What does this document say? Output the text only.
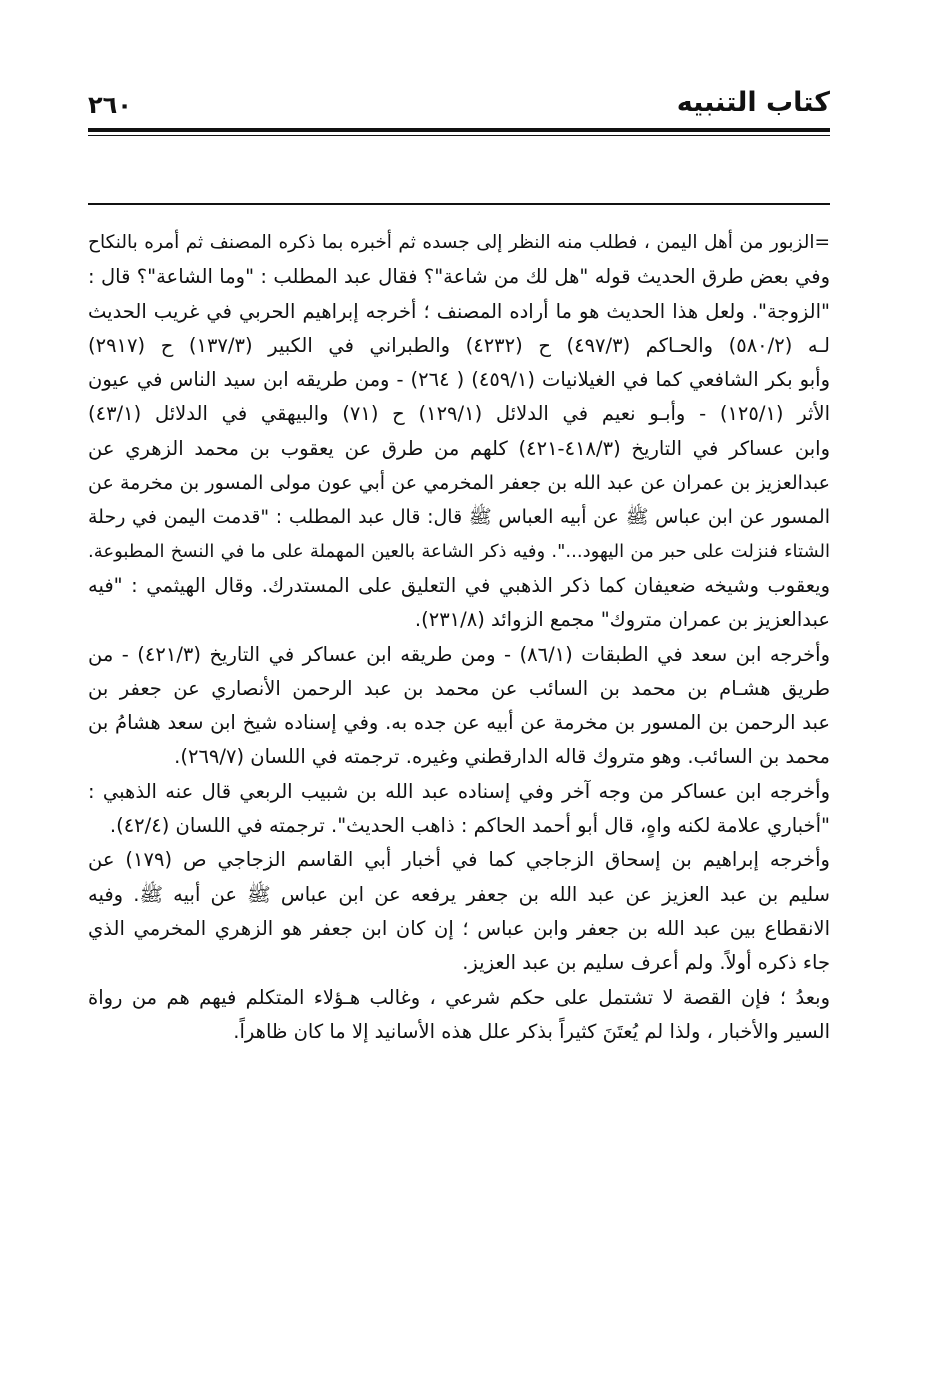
كتاب التنبيه
٢٦٠
=الزبور من أهل اليمن ، فطلب منه النظر إلى جسده ثم أخبره بما ذكره المصنف ثم أمره بالنكاح
وفي بعض طرق الحديث قوله "هل لك من شاعة"؟ فقال عبد المطلب : "وما الشاعة"؟ قال :
"الزوجة". ولعل هذا الحديث هو ما أراده المصنف ؛ أخرجه إبراهيم الحربي في غريب الحديث
لـه (٥٨٠/٢) والحـاكم (٤٩٧/٣) ح (٤٢٣٢) والطبراني في الكبير (١٣٧/٣) ح (٢٩١٧)
وأبو بكر الشافعي كما في الغيلانيات (٤٥٩/١) ( ٢٦٤) - ومن طريقه ابن سيد الناس في عيون
الأثر (١٢٥/١) - وأبـو نعيم في الدلائل (١٢٩/١) ح (٧١) والبيهقي في الدلائل (٤٣/١)
وابن عساكر في التاريخ (٤١٨/٣-٤٢١) كلهم من طرق عن يعقوب بن محمد الزهري عن
عبدالعزيز بن عمران عن عبد الله بن جعفر المخرمي عن أبي عون مولى المسور بن مخرمة عن
المسور عن ابن عباس ﷺ عن أبيه العباس ﷺ قال: قال عبد المطلب : "قدمت اليمن في رحلة
الشتاء فنزلت على حبر من اليهود...". وفيه ذكر الشاعة بالعين المهملة على ما في النسخ المطبوعة.
ويعقوب وشيخه ضعيفان كما ذكر الذهبي في التعليق على المستدرك. وقال الهيثمي : "فيه
عبدالعزيز بن عمران متروك" مجمع الزوائد (٢٣١/٨).
وأخرجه ابن سعد في الطبقات (٨٦/١) - ومن طريقه ابن عساكر في التاريخ (٤٢١/٣) - من
طريق هشـام بن محمد بن السائب عن محمد بن عبد الرحمن الأنصاري عن جعفر بن
عبد الرحمن بن المسور بن مخرمة عن أبيه عن جده به. وفي إسناده شيخ ابن سعد هشامُ بن
محمد بن السائب. وهو متروك قاله الدارقطني وغيره. ترجمته في اللسان (٢٦٩/٧).
وأخرجه ابن عساكر من وجه آخر وفي إسناده عبد الله بن شبيب الربعي قال عنه الذهبي :
"أخباري علامة لكنه واهٍ، قال أبو أحمد الحاكم : ذاهب الحديث". ترجمته في اللسان (٤٢/٤).
وأخرجه إبراهيم بن إسحاق الزجاجي كما في أخبار أبي القاسم الزجاجي ص (١٧٩) عن
سليم بن عبد العزيز عن عبد الله بن جعفر يرفعه عن ابن عباس ﷺ عن أبيه ﷺ. وفيه
الانقطاع بين عبد الله بن جعفر وابن عباس ؛ إن كان ابن جعفر هو الزهري المخرمي الذي
جاء ذكره أولاً. ولم أعرف سليم بن عبد العزيز.
وبعدُ ؛ فإن القصة لا تشتمل على حكم شرعي ، وغالب هـؤلاء المتكلم فيهم هم من رواة
السير والأخبار ، ولذا لم يُعتَنَ كثيراً بذكر علل هذه الأسانيد إلا ما كان ظاهراً.
